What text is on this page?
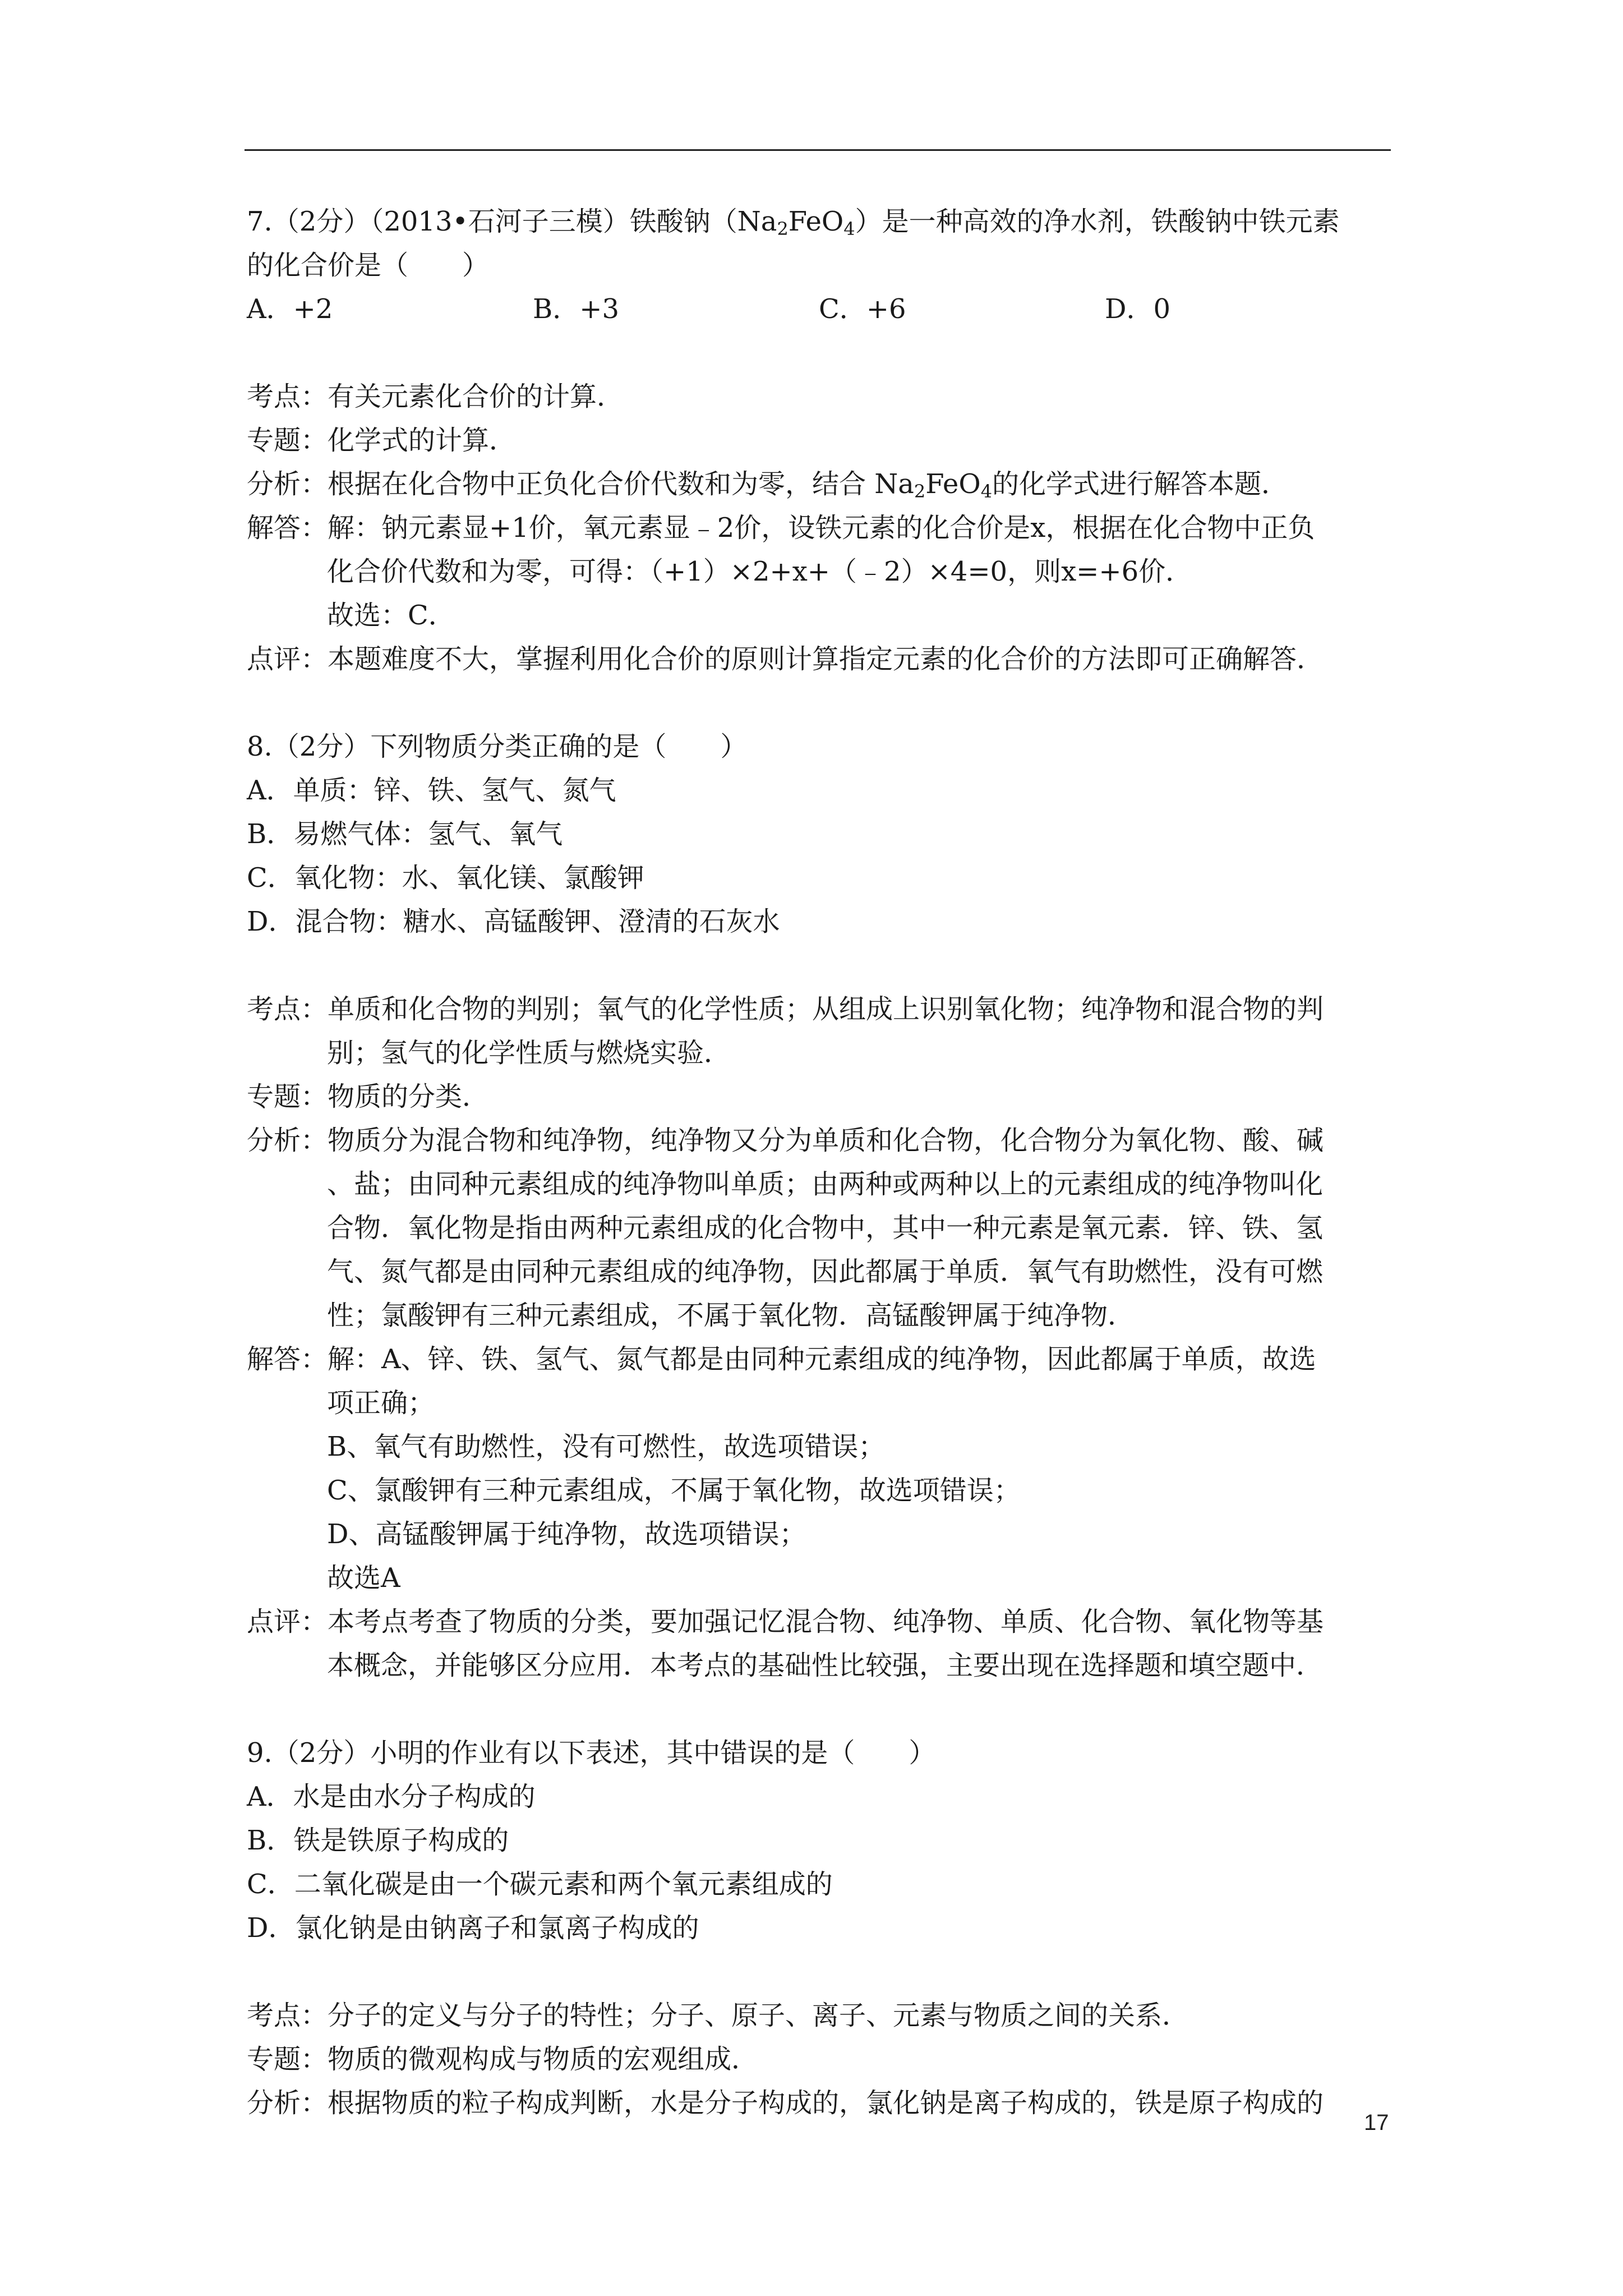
7.（2分）（2013•石河子三模）铁酸钠$(Na_2FeO_4)$是一种高效的净水剂，铁酸钠中铁元素
的化合价是（　　）
A．+2	B．+3	C．+6	D．0
考点：有关元素化合价的计算．
专题：化学式的计算．
分析：根据在化合物中正负化合价代数和为零，结合 $Na_2FeO_4$的化学式进行解答本题．
解答：解：钠元素显+1价，氧元素显﹣2价，设铁元素的化合价是x，根据在化合物中正负
化合价代数和为零，可得：（+1）×2+x+（﹣2）×4=0，则x=+6价．
故选：C．
点评：本题难度不大，掌握利用化合价的原则计算指定元素的化合价的方法即可正确解答．
8.（2分）下列物质分类正确的是（　　）
A．单质：锌、铁、氢气、氮气
B．易燃气体：氢气、氧气
C．氧化物：水、氧化镁、氯酸钾
D．混合物：糖水、高锰酸钾、澄清的石灰水
考点：单质和化合物的判别；氧气的化学性质；从组成上识别氧化物；纯净物和混合物的判
别；氢气的化学性质与燃烧实验．
专题：物质的分类．
分析：物质分为混合物和纯净物，纯净物又分为单质和化合物，化合物分为氧化物、酸、碱
、盐；由同种元素组成的纯净物叫单质；由两种或两种以上的元素组成的纯净物叫化
合物．氧化物是指由两种元素组成的化合物中，其中一种元素是氧元素．锌、铁、氢
气、氮气都是由同种元素组成的纯净物，因此都属于单质．氧气有助燃性，没有可燃
性；氯酸钾有三种元素组成，不属于氧化物．高锰酸钾属于纯净物．
解答：解：A、锌、铁、氢气、氮气都是由同种元素组成的纯净物，因此都属于单质，故选
项正确；
B、氧气有助燃性，没有可燃性，故选项错误；
C、氯酸钾有三种元素组成，不属于氧化物，故选项错误；
D、高锰酸钾属于纯净物，故选项错误；
故选A
点评：本考点考查了物质的分类，要加强记忆混合物、纯净物、单质、化合物、氧化物等基
本概念，并能够区分应用．本考点的基础性比较强，主要出现在选择题和填空题中．
9.（2分）小明的作业有以下表述，其中错误的是（　　）
A．水是由水分子构成的
B．铁是铁原子构成的
C．二氧化碳是由一个碳元素和两个氧元素组成的
D．氯化钠是由钠离子和氯离子构成的
考点：分子的定义与分子的特性；分子、原子、离子、元素与物质之间的关系．
专题：物质的微观构成与物质的宏观组成．
分析：根据物质的粒子构成判断，水是分子构成的，氯化钠是离子构成的，铁是原子构成的
17
